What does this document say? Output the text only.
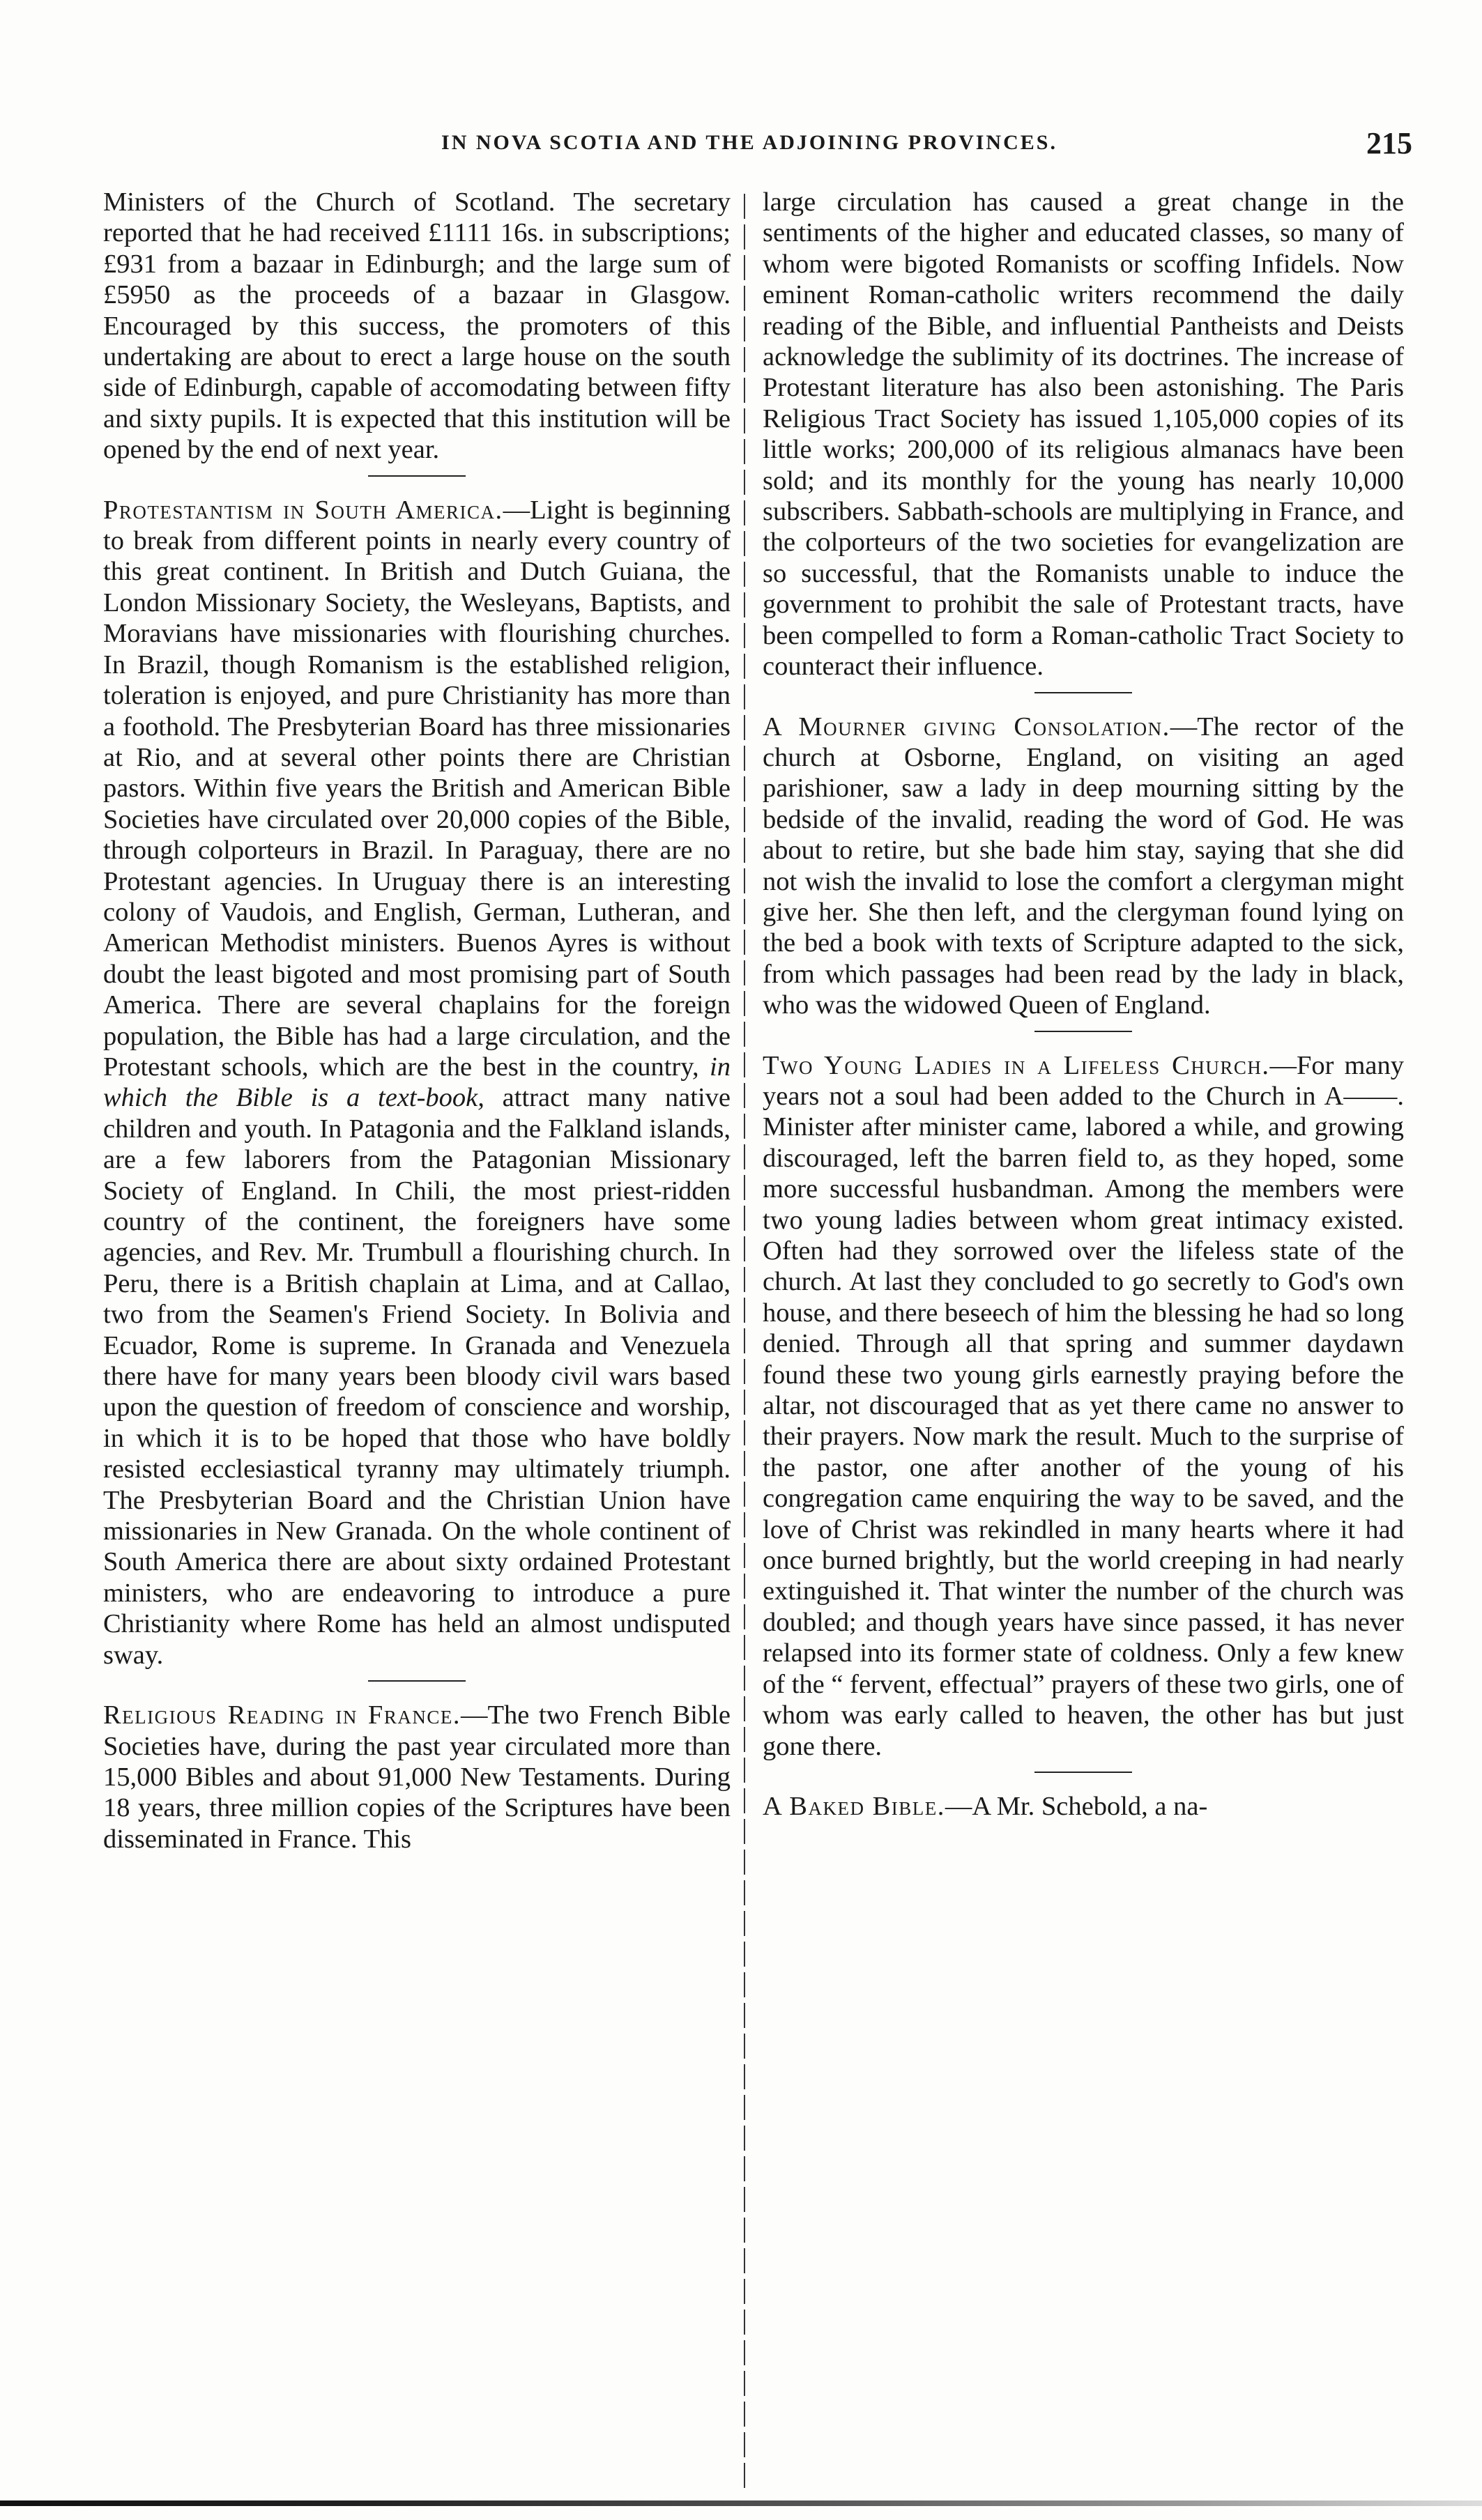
IN NOVA SCOTIA AND THE ADJOINING PROVINCES.	215

Ministers of the Church of Scotland. The secretary reported that he had received £1111 16s. in subscriptions; £931 from a bazaar in Edinburgh; and the large sum of £5950 as the proceeds of a bazaar in Glasgow. Encouraged by this success, the promoters of this undertaking are about to erect a large house on the south side of Edinburgh, capable of accomodating between fifty and sixty pupils. It is expected that this institution will be opened by the end of next year.

Protestantism in South America.—Light is beginning to break from different points in nearly every country of this great continent. In British and Dutch Guiana, the London Missionary Society, the Wesleyans, Baptists, and Moravians have missionaries with flourishing churches. In Brazil, though Romanism is the established religion, toleration is enjoyed, and pure Christianity has more than a foothold. The Presbyterian Board has three missionaries at Rio, and at several other points there are Christian pastors. Within five years the British and American Bible Societies have circulated over 20,000 copies of the Bible, through colporteurs in Brazil. In Paraguay, there are no Protestant agencies. In Uruguay there is an interesting colony of Vaudois, and English, German, Lutheran, and American Methodist ministers. Buenos Ayres is without doubt the least bigoted and most promising part of South America. There are several chaplains for the foreign population, the Bible has had a large circulation, and the Protestant schools, which are the best in the country, in which the Bible is a text-book, attract many native children and youth. In Patagonia and the Falkland islands, are a few laborers from the Patagonian Missionary Society of England. In Chili, the most priest-ridden country of the continent, the foreigners have some agencies, and Rev. Mr. Trumbull a flourishing church. In Peru, there is a British chaplain at Lima, and at Callao, two from the Seamen's Friend Society. In Bolivia and Ecuador, Rome is supreme. In Granada and Venezuela there have for many years been bloody civil wars based upon the question of freedom of conscience and worship, in which it is to be hoped that those who have boldly resisted ecclesiastical tyranny may ultimately triumph. The Presbyterian Board and the Christian Union have missionaries in New Granada. On the whole continent of South America there are about sixty ordained Protestant ministers, who are endeavoring to introduce a pure Christianity where Rome has held an almost undisputed sway.

Religious Reading in France.—The two French Bible Societies have, during the past year circulated more than 15,000 Bibles and about 91,000 New Testaments. During 18 years, three million copies of the Scriptures have been disseminated in France. This

large circulation has caused a great change in the sentiments of the higher and educated classes, so many of whom were bigoted Romanists or scoffing Infidels. Now eminent Roman-catholic writers recommend the daily reading of the Bible, and influential Pantheists and Deists acknowledge the sublimity of its doctrines. The increase of Protestant literature has also been astonishing. The Paris Religious Tract Society has issued 1,105,000 copies of its little works; 200,000 of its religious almanacs have been sold; and its monthly for the young has nearly 10,000 subscribers. Sabbath-schools are multiplying in France, and the colporteurs of the two societies for evangelization are so successful, that the Romanists unable to induce the government to prohibit the sale of Protestant tracts, have been compelled to form a Roman-catholic Tract Society to counteract their influence.

A Mourner giving Consolation.—The rector of the church at Osborne, England, on visiting an aged parishioner, saw a lady in deep mourning sitting by the bedside of the invalid, reading the word of God. He was about to retire, but she bade him stay, saying that she did not wish the invalid to lose the comfort a clergyman might give her. She then left, and the clergyman found lying on the bed a book with texts of Scripture adapted to the sick, from which passages had been read by the lady in black, who was the widowed Queen of England.

Two Young Ladies in a Lifeless Church.—For many years not a soul had been added to the Church in A——. Minister after minister came, labored a while, and growing discouraged, left the barren field to, as they hoped, some more successful husbandman. Among the members were two young ladies between whom great intimacy existed. Often had they sorrowed over the lifeless state of the church. At last they concluded to go secretly to God's own house, and there beseech of him the blessing he had so long denied. Through all that spring and summer daydawn found these two young girls earnestly praying before the altar, not discouraged that as yet there came no answer to their prayers. Now mark the result. Much to the surprise of the pastor, one after another of the young of his congregation came enquiring the way to be saved, and the love of Christ was rekindled in many hearts where it had once burned brightly, but the world creeping in had nearly extinguished it. That winter the number of the church was doubled; and though years have since passed, it has never relapsed into its former state of coldness. Only a few knew of the “ fervent, effectual” prayers of these two girls, one of whom was early called to heaven, the other has but just gone there.

A Baked Bible.—A Mr. Schebold, a na-
